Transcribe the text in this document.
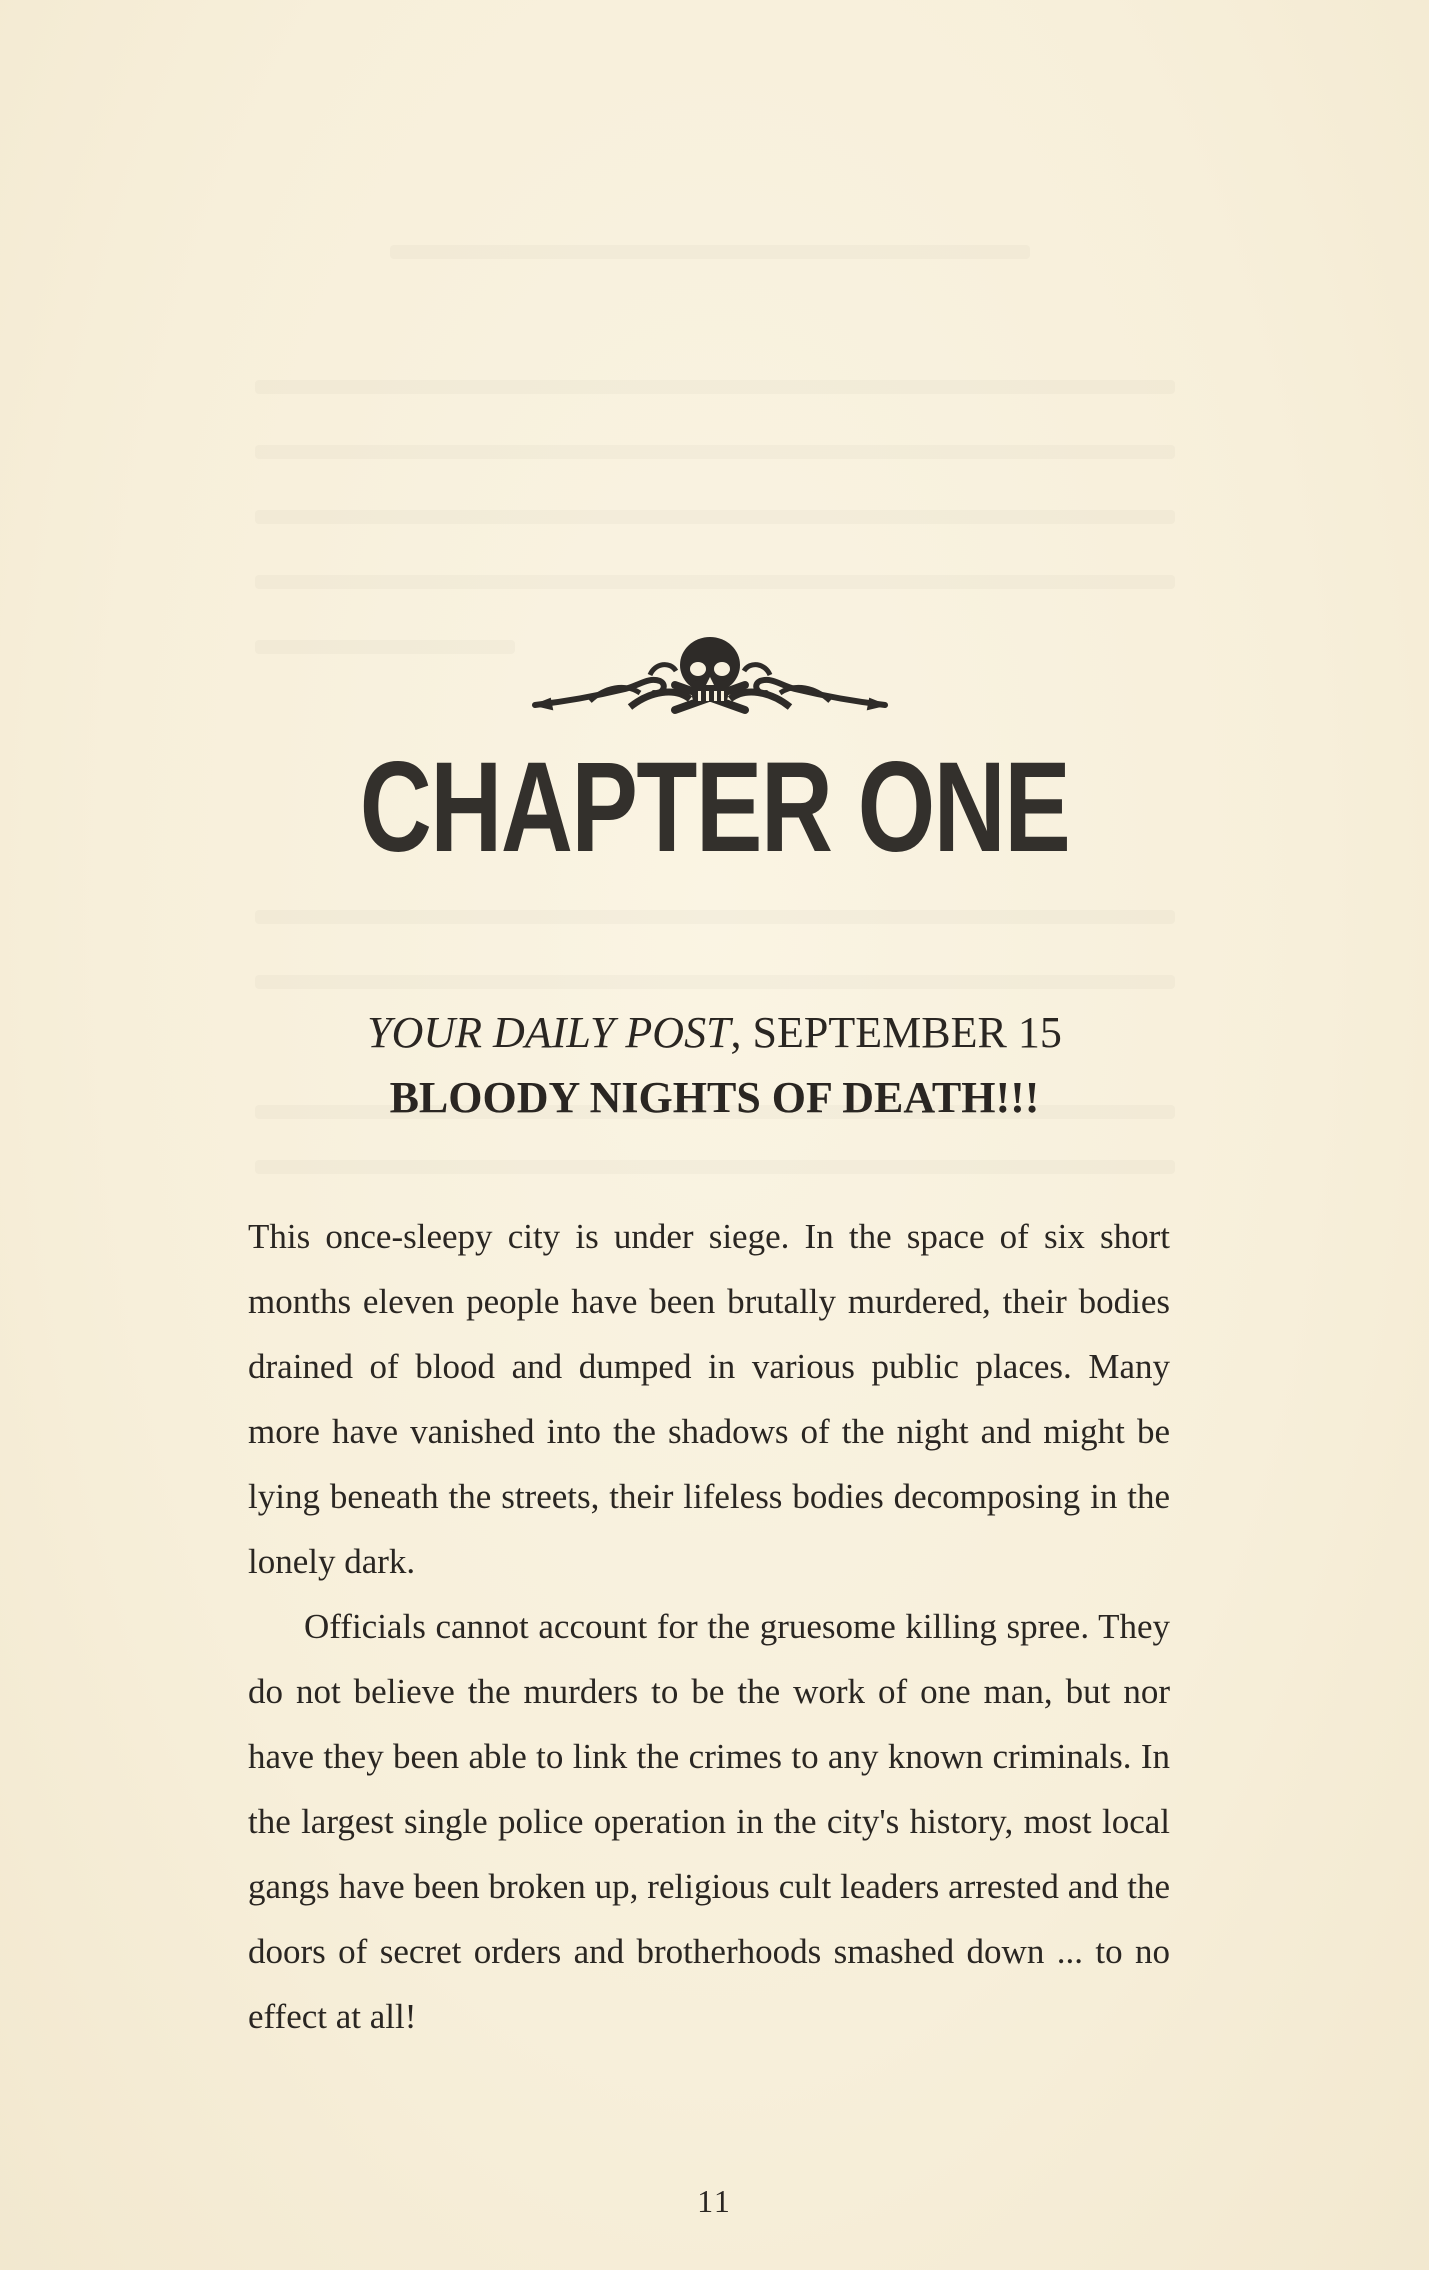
CHAPTER ONE
YOUR DAILY POST, SEPTEMBER 15
BLOODY NIGHTS OF DEATH!!!

This once-sleepy city is under siege. In the space of six short months eleven people have been brutally murdered, their bodies drained of blood and dumped in various public places. Many more have vanished into the shadows of the night and might be lying beneath the streets, their lifeless bodies decomposing in the lonely dark.

Officials cannot account for the gruesome killing spree. They do not believe the murders to be the work of one man, but nor have they been able to link the crimes to any known criminals. In the largest single police operation in the city's history, most local gangs have been broken up, religious cult leaders arrested and the doors of secret orders and brotherhoods smashed down ... to no effect at all!

11
